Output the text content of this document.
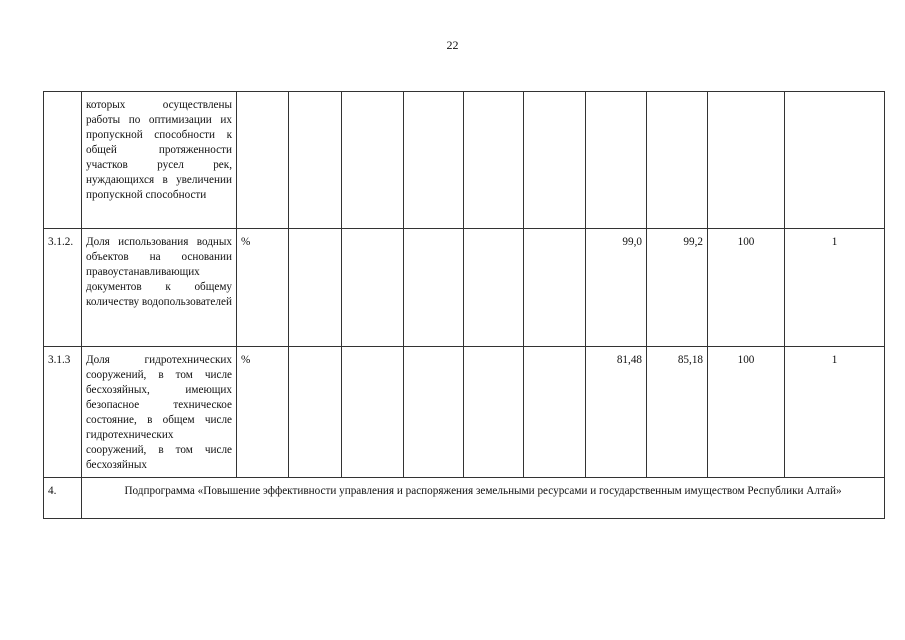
22
	которых осуществлены работы по оптимизации их пропускной способности к общей протяженности участков русел рек, нуждающихся в увеличении пропускной способности										
3.1.2.	Доля использования водных объектов на основании правоустанавливающих документов к общему количеству водопользователей	%						99,0	99,2	100	1
3.1.3	Доля гидротехнических сооружений, в том числе бесхозяйных, имеющих безопасное техническое состояние, в общем числе гидротехнических сооружений, в том числе бесхозяйных	%						81,48	85,18	100	1
4.	Подпрограмма «Повышение эффективности управления и распоряжения земельными ресурсами и государственным имуществом Республики Алтай»										
